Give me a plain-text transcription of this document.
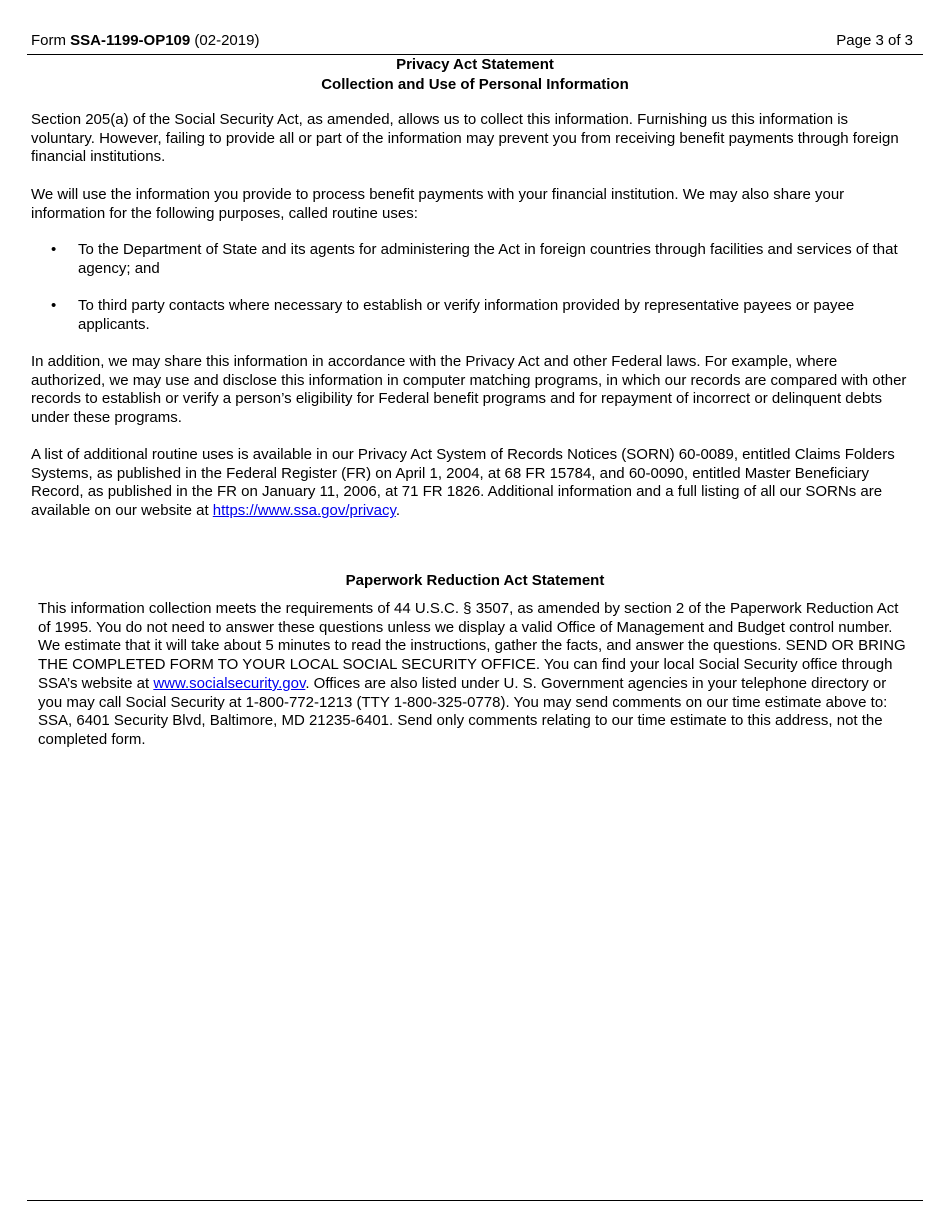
Form SSA-1199-OP109 (02-2019)	Page 3 of 3
Privacy Act Statement
Collection and Use of Personal Information

Section 205(a) of the Social Security Act, as amended, allows us to collect this information. Furnishing us this information is voluntary. However, failing to provide all or part of the information may prevent you from receiving benefit payments through foreign financial institutions.

We will use the information you provide to process benefit payments with your financial institution. We may also share your information for the following purposes, called routine uses:

• To the Department of State and its agents for administering the Act in foreign countries through facilities and services of that agency; and
• To third party contacts where necessary to establish or verify information provided by representative payees or payee applicants.

In addition, we may share this information in accordance with the Privacy Act and other Federal laws. For example, where authorized, we may use and disclose this information in computer matching programs, in which our records are compared with other records to establish or verify a person’s eligibility for Federal benefit programs and for repayment of incorrect or delinquent debts under these programs.

A list of additional routine uses is available in our Privacy Act System of Records Notices (SORN) 60-0089, entitled Claims Folders Systems, as published in the Federal Register (FR) on April 1, 2004, at 68 FR 15784, and 60-0090, entitled Master Beneficiary Record, as published in the FR on January 11, 2006, at 71 FR 1826. Additional information and a full listing of all our SORNs are available on our website at https://www.ssa.gov/privacy.

Paperwork Reduction Act Statement

This information collection meets the requirements of 44 U.S.C. § 3507, as amended by section 2 of the Paperwork Reduction Act of 1995. You do not need to answer these questions unless we display a valid Office of Management and Budget control number. We estimate that it will take about 5 minutes to read the instructions, gather the facts, and answer the questions. SEND OR BRING THE COMPLETED FORM TO YOUR LOCAL SOCIAL SECURITY OFFICE. You can find your local Social Security office through SSA’s website at www.socialsecurity.gov. Offices are also listed under U. S. Government agencies in your telephone directory or you may call Social Security at 1-800-772-1213 (TTY 1-800-325-0778). You may send comments on our time estimate above to: SSA, 6401 Security Blvd, Baltimore, MD 21235-6401. Send only comments relating to our time estimate to this address, not the completed form.
